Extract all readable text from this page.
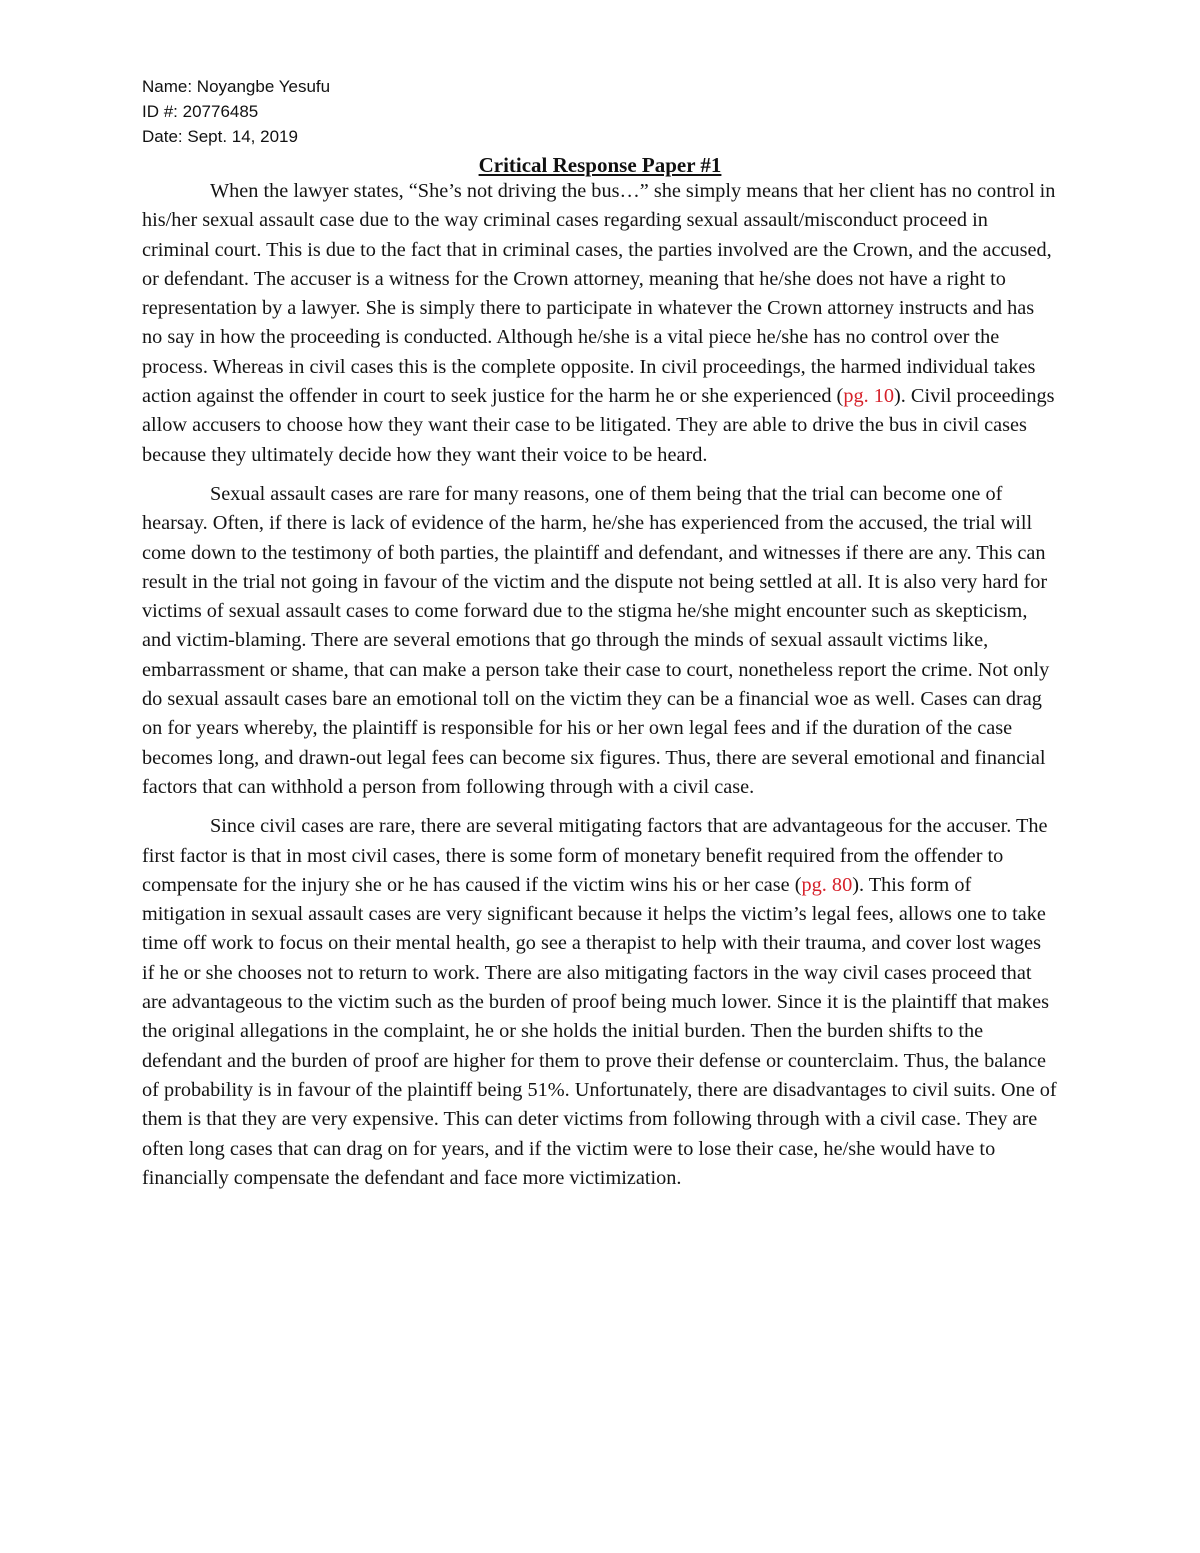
Name: Noyangbe Yesufu
ID #: 20776485
Date: Sept. 14, 2019
Critical Response Paper #1

When the lawyer states, “She’s not driving the bus…” she simply means that her client has no control in his/her sexual assault case due to the way criminal cases regarding sexual assault/misconduct proceed in criminal court. This is due to the fact that in criminal cases, the parties involved are the Crown, and the accused, or defendant. The accuser is a witness for the Crown attorney, meaning that he/she does not have a right to representation by a lawyer. She is simply there to participate in whatever the Crown attorney instructs and has no say in how the proceeding is conducted. Although he/she is a vital piece he/she has no control over the process. Whereas in civil cases this is the complete opposite. In civil proceedings, the harmed individual takes action against the offender in court to seek justice for the harm he or she experienced (pg. 10). Civil proceedings allow accusers to choose how they want their case to be litigated. They are able to drive the bus in civil cases because they ultimately decide how they want their voice to be heard.

Sexual assault cases are rare for many reasons, one of them being that the trial can become one of hearsay. Often, if there is lack of evidence of the harm, he/she has experienced from the accused, the trial will come down to the testimony of both parties, the plaintiff and defendant, and witnesses if there are any. This can result in the trial not going in favour of the victim and the dispute not being settled at all. It is also very hard for victims of sexual assault cases to come forward due to the stigma he/she might encounter such as skepticism, and victim-blaming. There are several emotions that go through the minds of sexual assault victims like, embarrassment or shame, that can make a person take their case to court, nonetheless report the crime. Not only do sexual assault cases bare an emotional toll on the victim they can be a financial woe as well. Cases can drag on for years whereby, the plaintiff is responsible for his or her own legal fees and if the duration of the case becomes long, and drawn-out legal fees can become six figures. Thus, there are several emotional and financial factors that can withhold a person from following through with a civil case.

Since civil cases are rare, there are several mitigating factors that are advantageous for the accuser. The first factor is that in most civil cases, there is some form of monetary benefit required from the offender to compensate for the injury she or he has caused if the victim wins his or her case (pg. 80). This form of mitigation in sexual assault cases are very significant because it helps the victim’s legal fees, allows one to take time off work to focus on their mental health, go see a therapist to help with their trauma, and cover lost wages if he or she chooses not to return to work. There are also mitigating factors in the way civil cases proceed that are advantageous to the victim such as the burden of proof being much lower. Since it is the plaintiff that makes the original allegations in the complaint, he or she holds the initial burden. Then the burden shifts to the defendant and the burden of proof are higher for them to prove their defense or counterclaim. Thus, the balance of probability is in favour of the plaintiff being 51%. Unfortunately, there are disadvantages to civil suits. One of them is that they are very expensive. This can deter victims from following through with a civil case. They are often long cases that can drag on for years, and if the victim were to lose their case, he/she would have to financially compensate the defendant and face more victimization.
